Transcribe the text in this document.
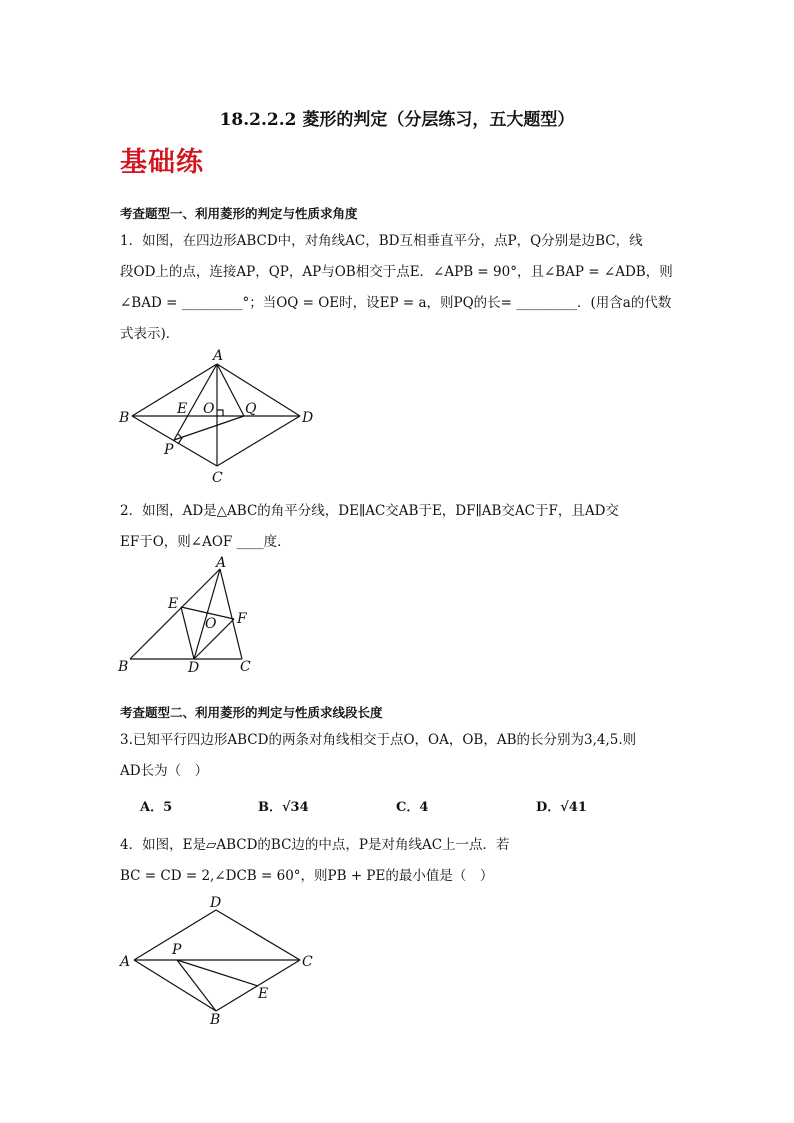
18.2.2.2 菱形的判定（分层练习，五大题型）
基础练
考查题型一、利用菱形的判定与性质求角度
1．如图，在四边形ABCD中，对角线AC，BD互相垂直平分，点P，Q分别是边BC，线
段OD上的点，连接AP，QP，AP与OB相交于点E．∠APB = 90°，且∠BAP = ∠ADB，则
∠BAD = _________°；当OQ = OE时，设EP = a，则PQ的长= _________．(用含a的代数
式表示)．
A
B
C
D
E O Q
P
2．如图，AD是△ABC的角平分线，DE∥AC交AB于E，DF∥AB交AC于F，且AD交
EF于O，则∠AOF ____度．
A
B	C
D
E
F
O
考查题型二、利用菱形的判定与性质求线段长度
3.已知平行四边形ABCD的两条对角线相交于点O，OA，OB，AB的长分别为3,4,5.则
AD长为（　）
A．5	B．√34	C．4	D．√41
4．如图，E是▱ABCD的BC边的中点，P是对角线AC上一点．若
BC = CD = 2,∠DCB = 60°，则PB + PE的最小值是（　）
A
D
C
B
E
P
